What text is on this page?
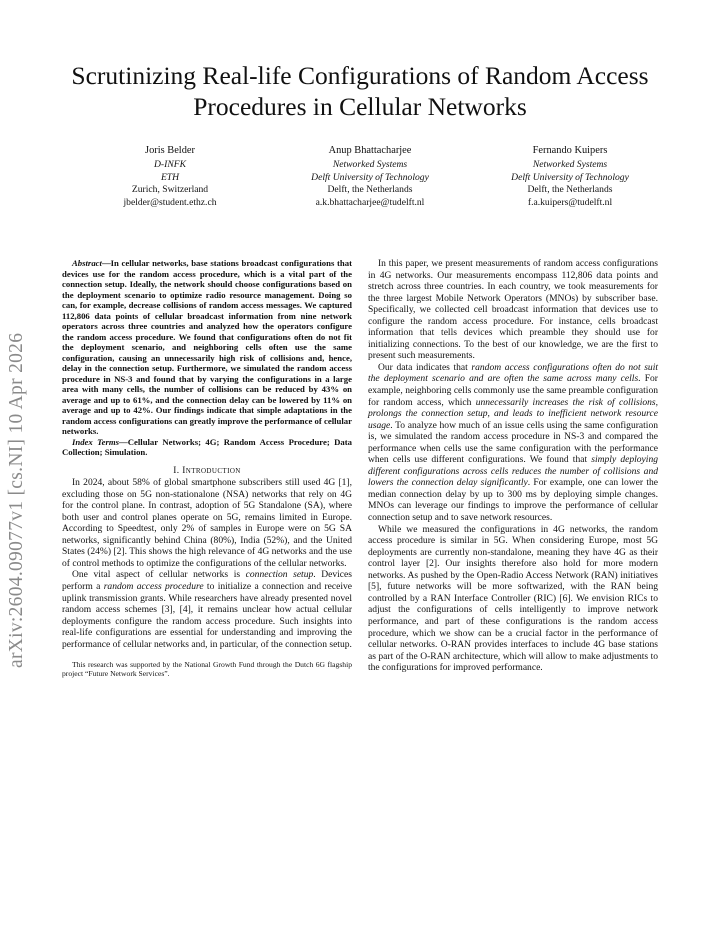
arXiv:2604.09077v1 [cs.NI] 10 Apr 2026
Scrutinizing Real-life Configurations of Random Access Procedures in Cellular Networks
Joris Belder
D-INFK
ETH
Zurich, Switzerland
jbelder@student.ethz.ch
Anup Bhattacharjee
Networked Systems
Delft University of Technology
Delft, the Netherlands
a.k.bhattacharjee@tudelft.nl
Fernando Kuipers
Networked Systems
Delft University of Technology
Delft, the Netherlands
f.a.kuipers@tudelft.nl

Abstract—In cellular networks, base stations broadcast configurations that devices use for the random access procedure, which is a vital part of the connection setup. Ideally, the network should choose configurations based on the deployment scenario to optimize radio resource management. Doing so can, for example, decrease collisions of random access messages. We captured 112,806 data points of cellular broadcast information from nine network operators across three countries and analyzed how the operators configure the random access procedure. We found that configurations often do not fit the deployment scenario, and neighboring cells often use the same configuration, causing an unnecessarily high risk of collisions and, hence, delay in the connection setup. Furthermore, we simulated the random access procedure in NS-3 and found that by varying the configurations in a large area with many cells, the number of collisions can be reduced by 43% on average and up to 61%, and the connection delay can be lowered by 11% on average and up to 42%. Our findings indicate that simple adaptations in the random access configurations can greatly improve the performance of cellular networks.

Index Terms—Cellular Networks; 4G; Random Access Procedure; Data Collection; Simulation.

I. Introduction

In 2024, about 58% of global smartphone subscribers still used 4G [1], excluding those on 5G non-stationalone (NSA) networks that rely on 4G for the control plane. In contrast, adoption of 5G Standalone (SA), where both user and control planes operate on 5G, remains limited in Europe. According to Speedtest, only 2% of samples in Europe were on 5G SA networks, significantly behind China (80%), India (52%), and the United States (24%) [2]. This shows the high relevance of 4G networks and the use of control methods to optimize the configurations of the cellular networks.

One vital aspect of cellular networks is connection setup. Devices perform a random access procedure to initialize a connection and receive uplink transmission grants. While researchers have already presented novel random access schemes [3], [4], it remains unclear how actual cellular deployments configure the random access procedure. Such insights into real-life configurations are essential for understanding and improving the performance of cellular networks and, in particular, of the connection setup.

This research was supported by the National Growth Fund through the Dutch 6G flagship project “Future Network Services”.

In this paper, we present measurements of random access configurations in 4G networks. Our measurements encompass 112,806 data points and stretch across three countries. In each country, we took measurements for the three largest Mobile Network Operators (MNOs) by subscriber base. Specifically, we collected cell broadcast information that devices use to configure the random access procedure. For instance, cells broadcast information that tells devices which preamble they should use for initializing connections. To the best of our knowledge, we are the first to present such measurements.

Our data indicates that random access configurations often do not suit the deployment scenario and are often the same across many cells. For example, neighboring cells commonly use the same preamble configuration for random access, which unnecessarily increases the risk of collisions, prolongs the connection setup, and leads to inefficient network resource usage. To analyze how much of an issue cells using the same configuration is, we simulated the random access procedure in NS-3 and compared the performance when cells use the same configuration with the performance when cells use different configurations. We found that simply deploying different configurations across cells reduces the number of collisions and lowers the connection delay significantly. For example, one can lower the median connection delay by up to 300 ms by deploying simple changes. MNOs can leverage our findings to improve the performance of cellular connection setup and to save network resources.

While we measured the configurations in 4G networks, the random access procedure is similar in 5G. When considering Europe, most 5G deployments are currently non-standalone, meaning they have 4G as their control layer [2]. Our insights therefore also hold for more modern networks. As pushed by the Open-Radio Access Network (RAN) initiatives [5], future networks will be more softwarized, with the RAN being controlled by a RAN Interface Controller (RIC) [6]. We envision RICs to adjust the configurations of cells intelligently to improve network performance, and part of these configurations is the random access procedure, which we show can be a crucial factor in the performance of cellular networks. O-RAN provides interfaces to include 4G base stations as part of the O-RAN architecture, which will allow to make adjustments to the configurations for improved performance.
